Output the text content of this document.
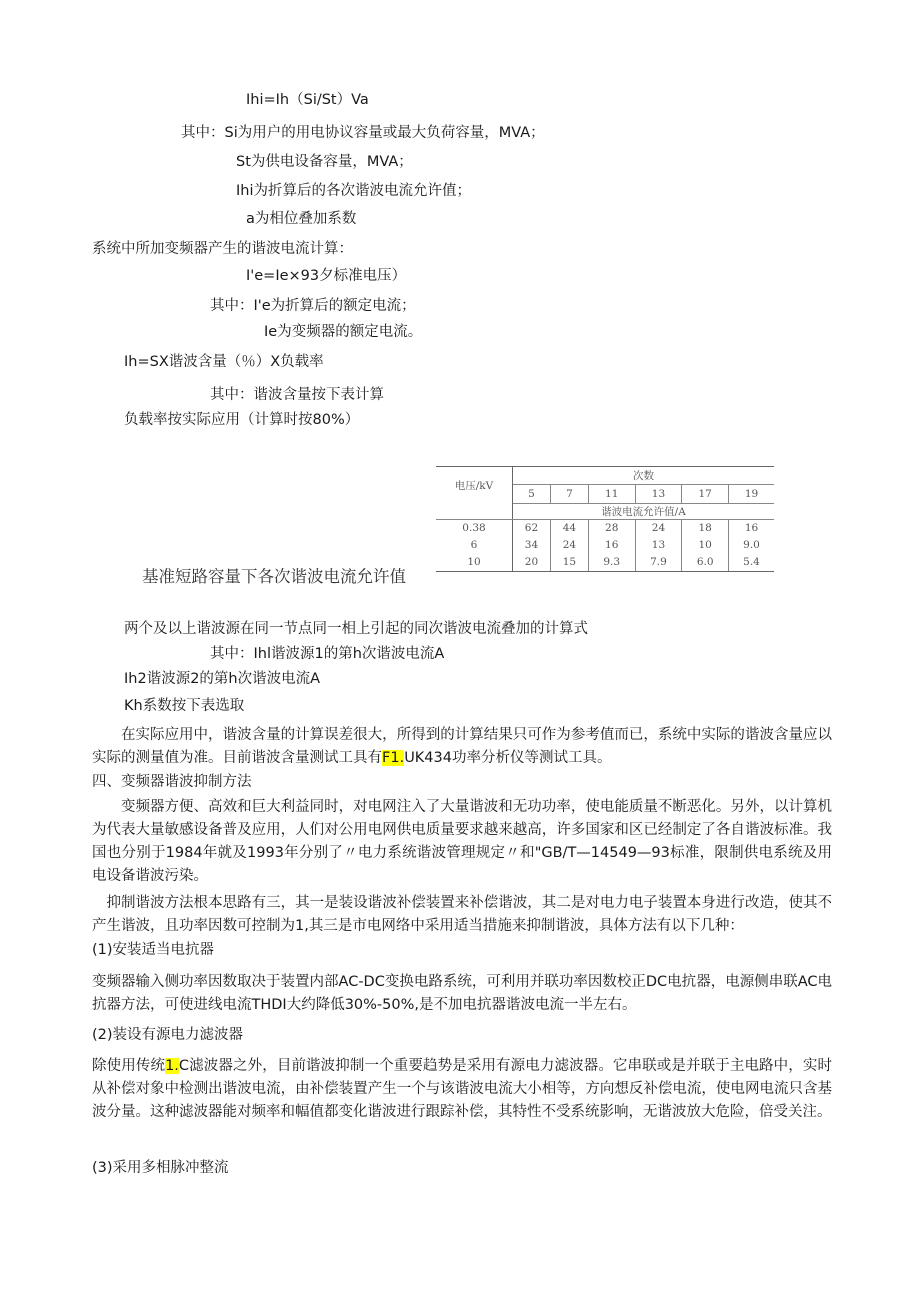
Ihi=Ih（Si/St）Va
其中：Si为用户的用电协议容量或最大负荷容量，MVA；
St为供电设备容量，MVA；
Ihi为折算后的各次谐波电流允许值；
a为相位叠加系数
系统中所加变频器产生的谐波电流计算：
I'e=Ie×93夕标准电压）
其中：I'e为折算后的额定电流；
Ie为变频器的额定电流。
Ih=SX谐波含量（％）X负载率
其中：谐波含量按下表计算
负载率按实际应用（计算时按80%）
电压/kV	次数					
	5	7	11	13	17	19
	谐波电流允许值/A					
0.38	62	44	28	24	18	16
6	34	24	16	13	10	9.0
10	20	15	9.3	7.9	6.0	5.4
基准短路容量下各次谐波电流允许值
两个及以上谐波源在同一节点同一相上引起的同次谐波电流叠加的计算式
其中：Ihl谐波源1的第h次谐波电流A
Ih2谐波源2的第h次谐波电流A
Kh系数按下表选取
在实际应用中，谐波含量的计算误差很大，所得到的计算结果只可作为参考值而已，系统中实际的谐波含量应以实际的测量值为准。目前谐波含量测试工具有F1.UK434功率分析仪等测试工具。
四、变频器谐波抑制方法
变频器方便、高效和巨大利益同时，对电网注入了大量谐波和无功功率，使电能质量不断恶化。另外，以计算机为代表大量敏感设备普及应用，人们对公用电网供电质量要求越来越高，许多国家和区已经制定了各自谐波标准。我国也分别于1984年就及1993年分别了〃电力系统谐波管理规定〃和"GB/T—14549—93标准，限制供电系统及用电设备谐波污染。
抑制谐波方法根本思路有三，其一是装设谐波补偿装置来补偿谐波，其二是对电力电子装置本身进行改造，使其不产生谐波，且功率因数可控制为1,其三是市电网络中采用适当措施来抑制谐波，具体方法有以下几种：
(1)安装适当电抗器
变频器输入侧功率因数取决于装置内部AC-DC变换电路系统，可利用并联功率因数校正DC电抗器，电源侧串联AC电抗器方法，可使进线电流THDI大约降低30%-50%,是不加电抗器谐波电流一半左右。
(2)装设有源电力滤波器
除使用传统1.C滤波器之外，目前谐波抑制一个重要趋势是采用有源电力滤波器。它串联或是并联于主电路中，实时从补偿对象中检测出谐波电流，由补偿装置产生一个与该谐波电流大小相等，方向想反补偿电流，使电网电流只含基波分量。这种滤波器能对频率和幅值都变化谐波进行跟踪补偿，其特性不受系统影响，无谐波放大危险，倍受关注。
(3)采用多相脉冲整流
